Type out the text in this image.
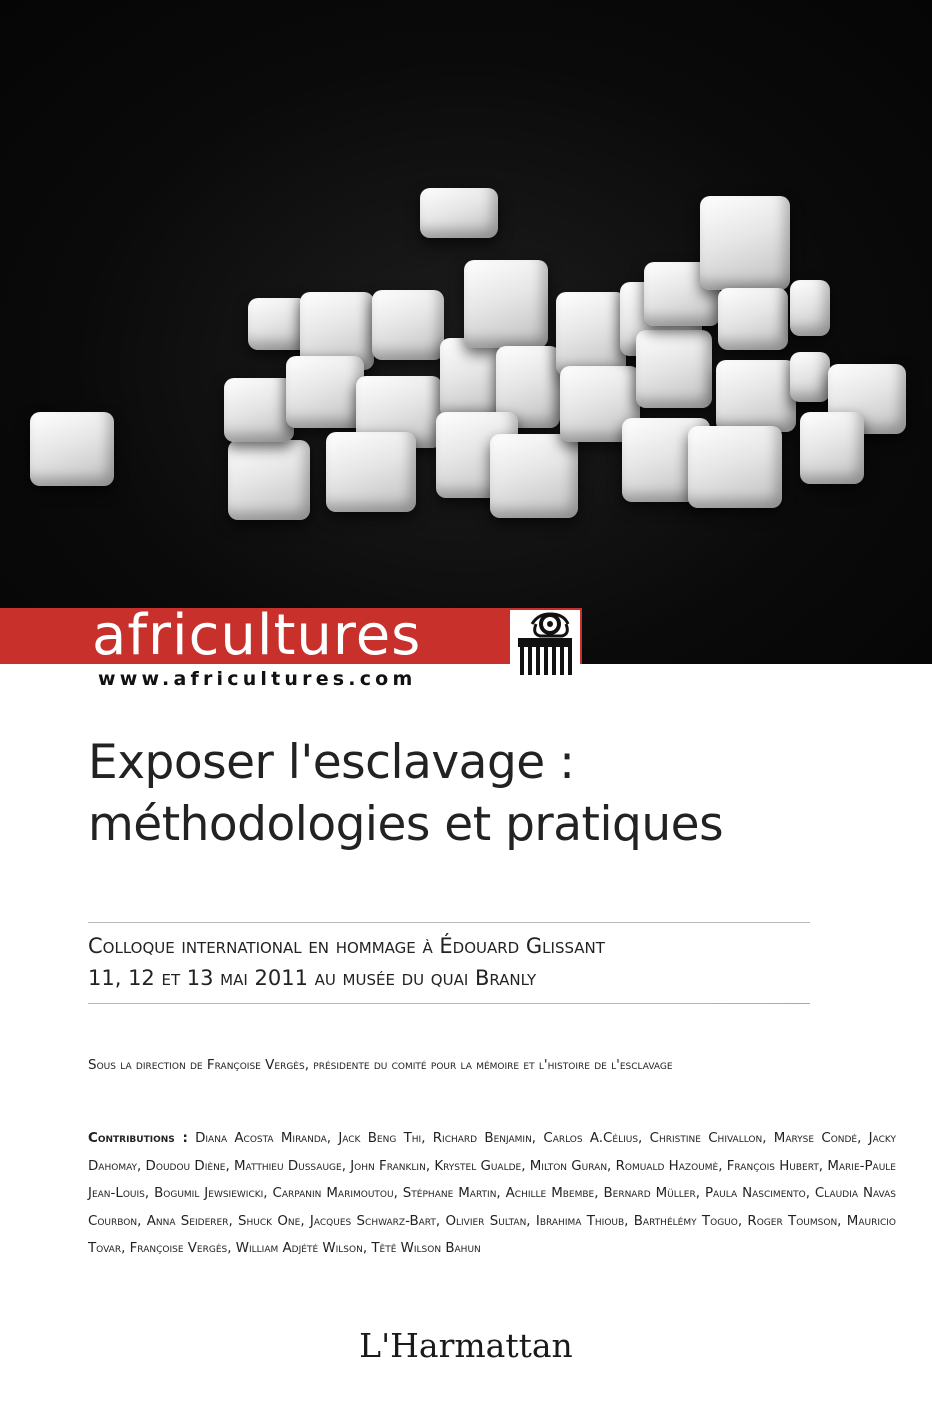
africultures
www.africultures.com
Exposer l'esclavage :
méthodologies et pratiques
Colloque international en hommage à Édouard Glissant
11, 12 et 13 mai 2011 au musée du quai Branly
Sous la direction de Françoise Vergès, présidente du comité pour la mémoire et l'histoire de l'esclavage
Contributions : Diana Acosta Miranda, Jack Beng Thi, Richard Benjamin, Carlos A.Célius, Christine Chivallon, Maryse Condé, Jacky Dahomay, Doudou Diène, Matthieu Dussauge, John Franklin, Krystel Gualde, Milton Guran, Romuald Hazoumè, François Hubert, Marie-Paule Jean-Louis, Bogumil Jewsiewicki, Carpanin Marimoutou, Stéphane Martin, Achille Mbembe, Bernard Müller, Paula Nascimento, Claudia Navas Courbon, Anna Seiderer, Shuck One, Jacques Schwarz-Bart, Olivier Sultan, Ibrahima Thioub, Barthélémy Toguo, Roger Toumson, Mauricio Tovar, Françoise Vergès, William Adjété Wilson, Têtê Wilson Bahun
L'Harmattan
